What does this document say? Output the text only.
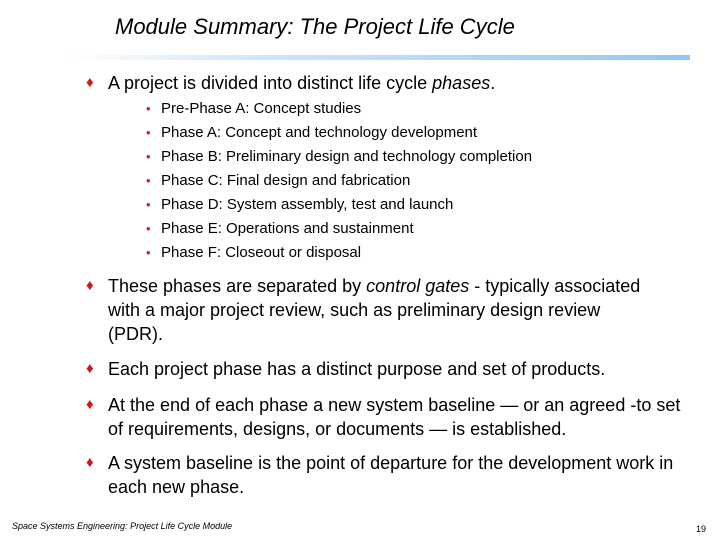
Module Summary: The Project Life Cycle
♦ A project is divided into distinct life cycle phases.
• Pre-Phase A: Concept studies
• Phase A: Concept and technology development
• Phase B: Preliminary design and technology completion
• Phase C: Final design and fabrication
• Phase D: System assembly, test and launch
• Phase E: Operations and sustainment
• Phase F: Closeout or disposal
♦ These phases are separated by control gates - typically associated with a major project review, such as preliminary design review (PDR).
♦ Each project phase has a distinct purpose and set of products.
♦ At the end of each phase a new system baseline — or an agreed -to set of requirements, designs, or documents — is established.
♦ A system baseline is the point of departure for the development work in each new phase.
Space Systems Engineering: Project Life Cycle Module	19
